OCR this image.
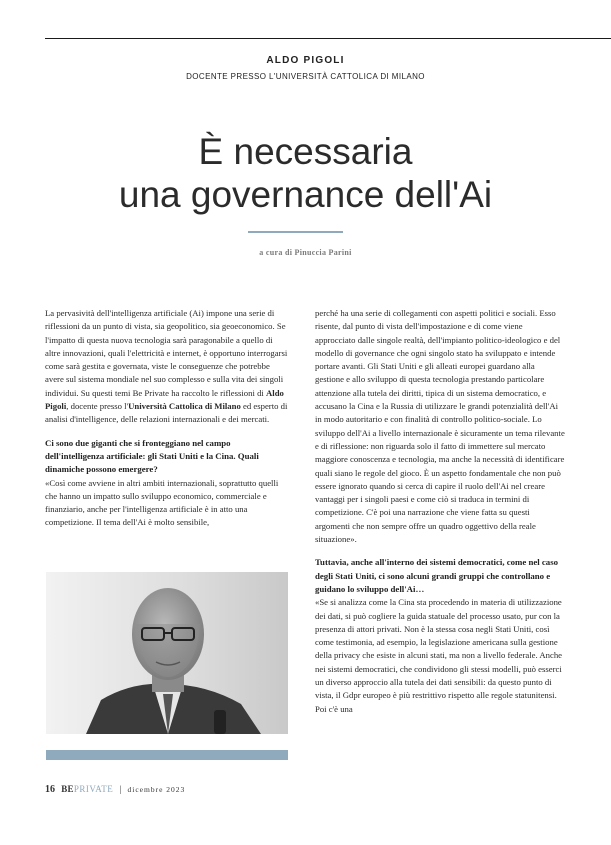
ALDO PIGOLI
DOCENTE PRESSO L'UNIVERSITÀ CATTOLICA DI MILANO
È necessaria
una governance dell'Ai
a cura di Pinuccia Parini

La pervasività dell'intelligenza artificiale (Ai) impone una serie di riflessioni da un punto di vista, sia geopolitico, sia geoeconomico. Se l'impatto di questa nuova tecnologia sarà paragonabile a quello di altre innovazioni, quali l'elettricità e internet, è opportuno interrogarsi come sarà gestita e governata, viste le conseguenze che potrebbe avere sul sistema mondiale nel suo complesso e sulla vita dei singoli individui. Su questi temi Be Private ha raccolto le riflessioni di Aldo Pigoli, docente presso l'Università Cattolica di Milano ed esperto di analisi d'intelligence, delle relazioni internazionali e dei mercati.

Ci sono due giganti che si fronteggiano nel campo dell'intelligenza artificiale: gli Stati Uniti e la Cina. Quali dinamiche possono emergere?

«Così come avviene in altri ambiti internazionali, soprattutto quelli che hanno un impatto sullo sviluppo economico, commerciale e finanziario, anche per l'intelligenza artificiale è in atto una competizione. Il tema dell'Ai è molto sensibile,

perché ha una serie di collegamenti con aspetti politici e sociali. Esso risente, dal punto di vista dell'impostazione e di come viene approcciato dalle singole realtà, dell'impianto politico-ideologico e del modello di governance che ogni singolo stato ha sviluppato e intende portare avanti. Gli Stati Uniti e gli alleati europei guardano alla gestione e allo sviluppo di questa tecnologia prestando particolare attenzione alla tutela dei diritti, tipica di un sistema democratico, e accusano la Cina e la Russia di utilizzare le grandi potenzialità dell'Ai in modo autoritario e con finalità di controllo politico-sociale. Lo sviluppo dell'Ai a livello internazionale è sicuramente un tema rilevante e di riflessione: non riguarda solo il fatto di immettere sul mercato maggiore conoscenza e tecnologia, ma anche la necessità di identificare quali siano le regole del gioco. È un aspetto fondamentale che non può essere ignorato quando si cerca di capire il ruolo dell'Ai nel creare vantaggi per i singoli paesi e come ciò si traduca in termini di competizione. C'è poi una narrazione che viene fatta su questi argomenti che non sempre offre un quadro oggettivo della reale situazione».

Tuttavia, anche all'interno dei sistemi democratici, come nel caso degli Stati Uniti, ci sono alcuni grandi gruppi che controllano e guidano lo sviluppo dell'Ai…

«Se si analizza come la Cina sta procedendo in materia di utilizzazione dei dati, si può cogliere la guida statuale del processo usato, pur con la presenza di attori privati. Non è la stessa cosa negli Stati Uniti, così come testimonia, ad esempio, la legislazione americana sulla gestione della privacy che esiste in alcuni stati, ma non a livello federale. Anche nei sistemi democratici, che condividono gli stessi modelli, può esserci un diverso approccio alla tutela dei dati sensibili: da questo punto di vista, il Gdpr europeo è più restrittivo rispetto alle regole statunitensi. Poi c'è una

16 BEPRIVATE | dicembre 2023
